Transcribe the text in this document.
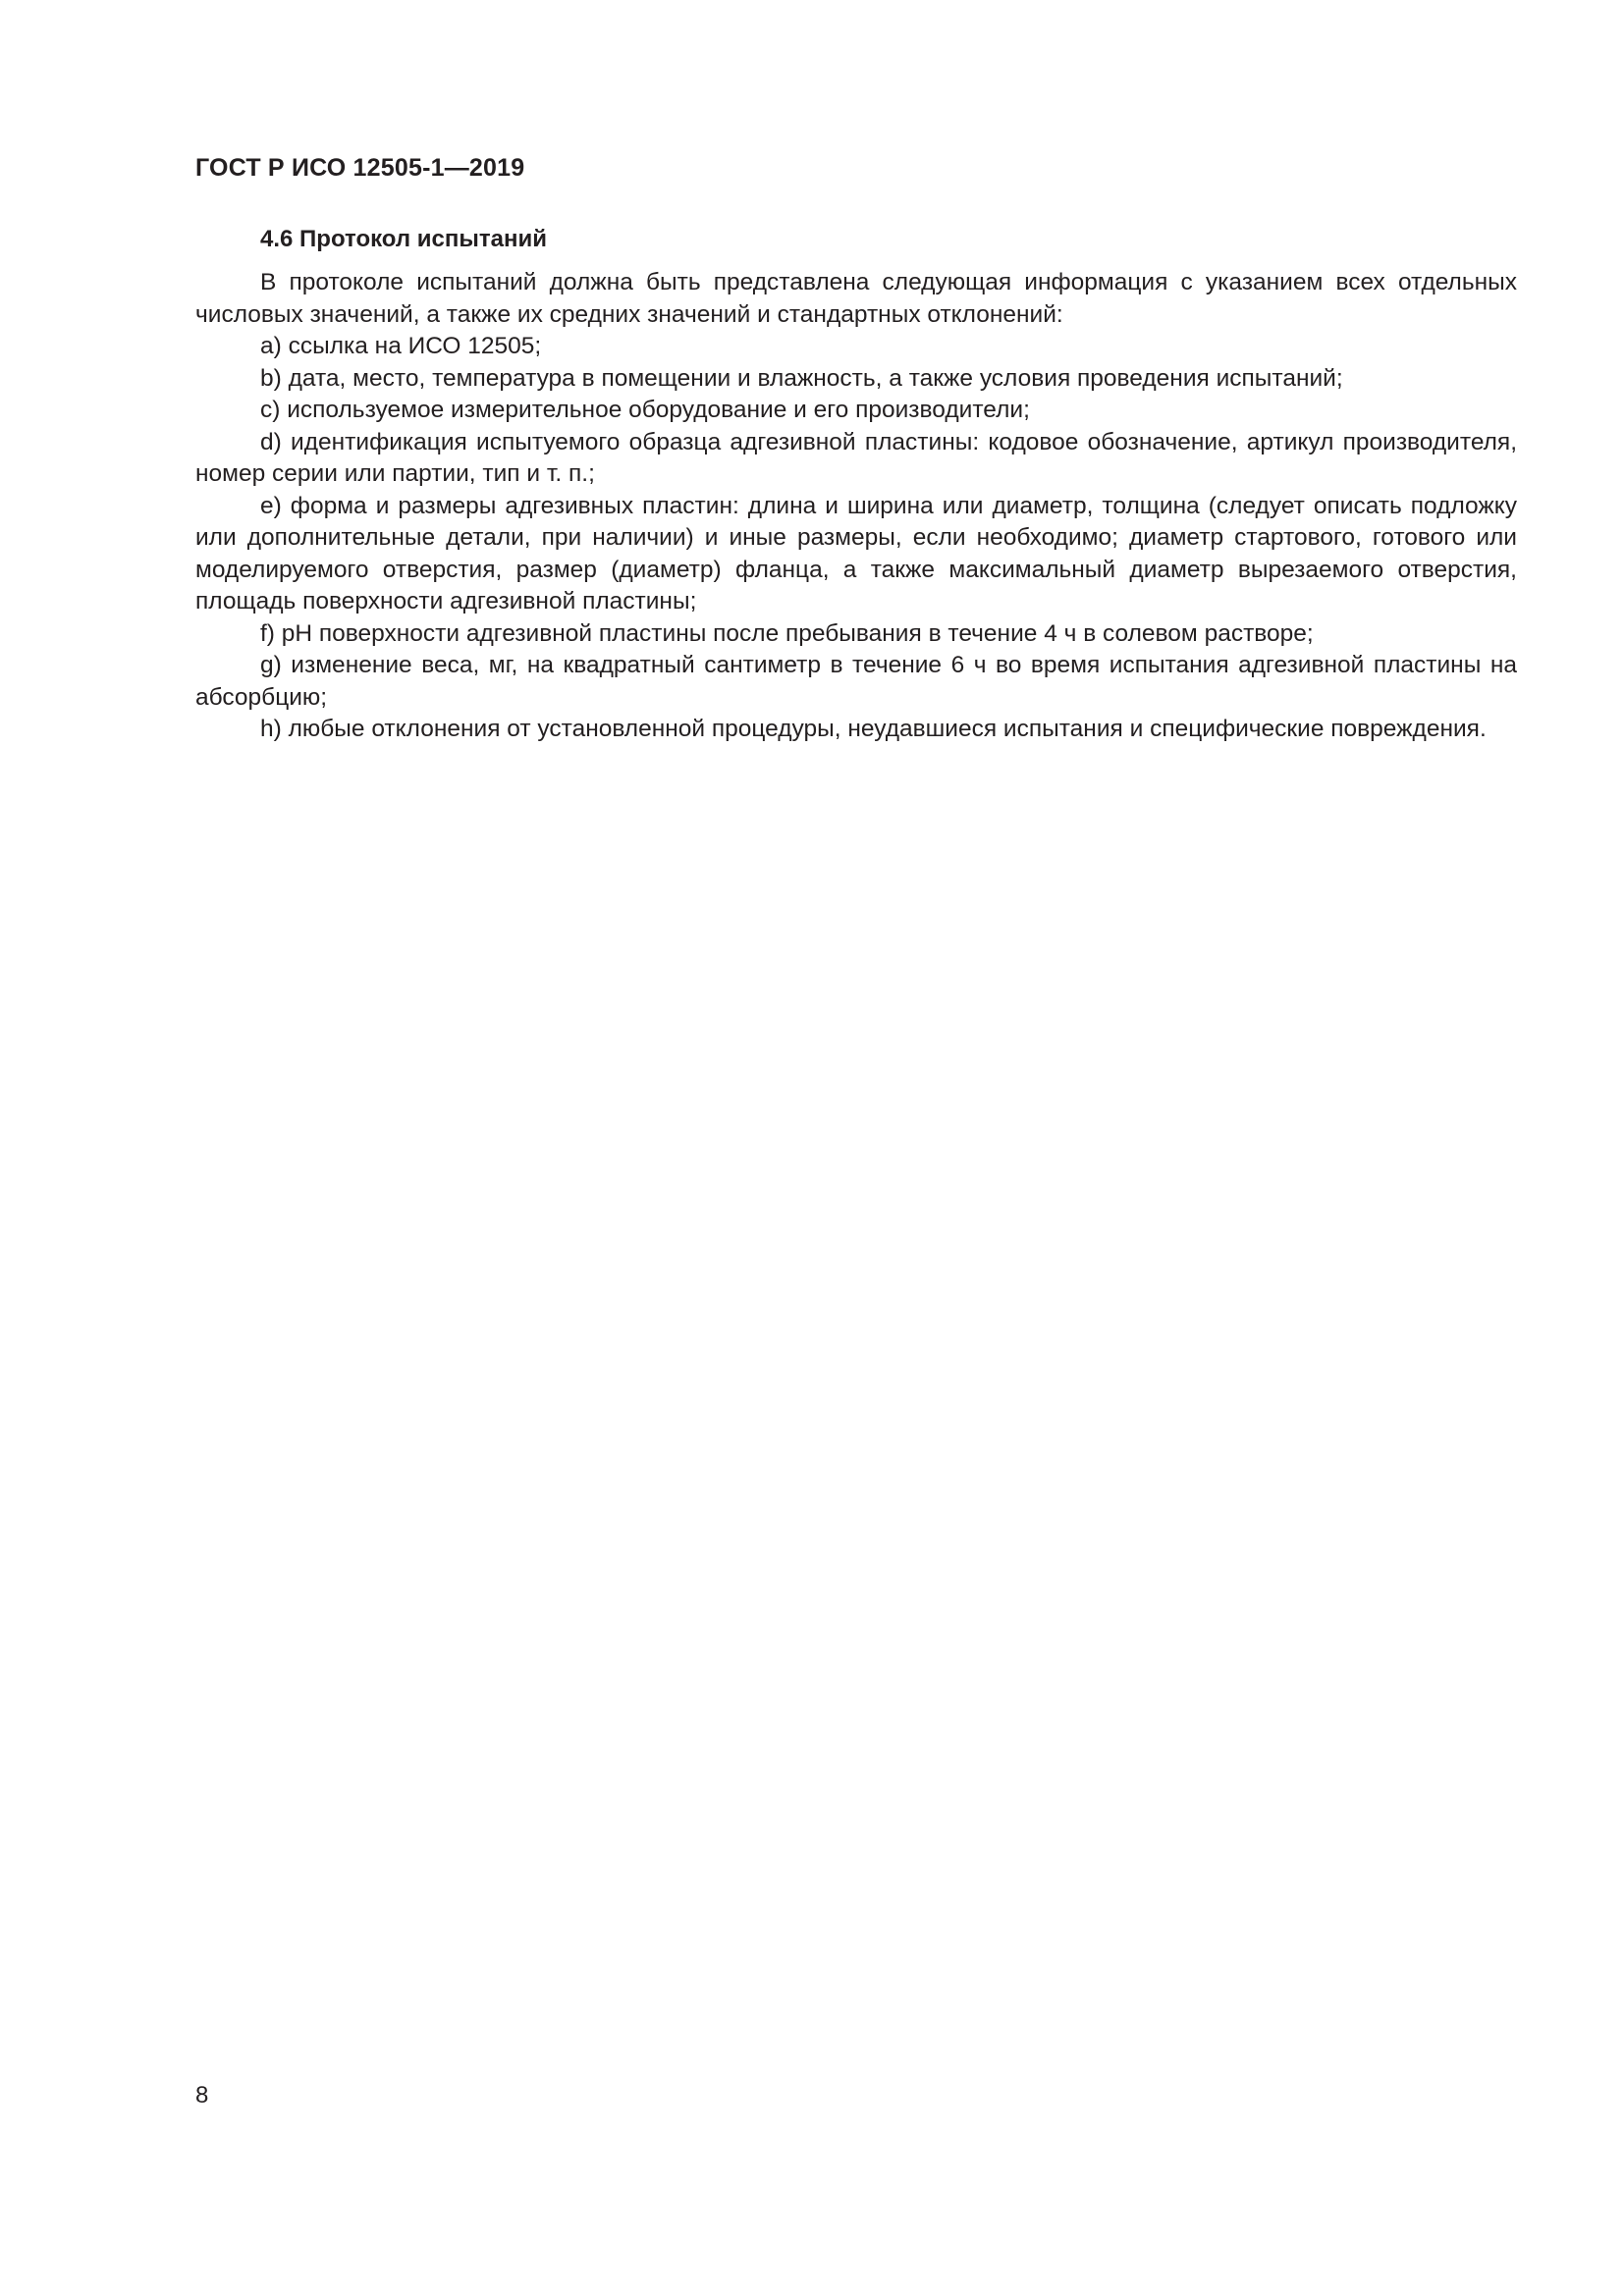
ГОСТ Р ИСО 12505-1—2019
4.6 Протокол испытаний

В протоколе испытаний должна быть представлена следующая информация с указанием всех отдельных числовых значений, а также их средних значений и стандартных отклонений:

a) ссылка на ИСО 12505;

b) дата, место, температура в помещении и влажность, а также условия проведения испытаний;

c) используемое измерительное оборудование и его производители;

d) идентификация испытуемого образца адгезивной пластины: кодовое обозначение, артикул производителя, номер серии или партии, тип и т. п.;

e) форма и размеры адгезивных пластин: длина и ширина или диаметр, толщина (следует описать подложку или дополнительные детали, при наличии) и иные размеры, если необходимо; диаметр стартового, готового или моделируемого отверстия, размер (диаметр) фланца, а также максимальный диаметр вырезаемого отверстия, площадь поверхности адгезивной пластины;

f) pH поверхности адгезивной пластины после пребывания в течение 4 ч в солевом растворе;

g) изменение веса, мг, на квадратный сантиметр в течение 6 ч во время испытания адгезивной пластины на абсорбцию;

h) любые отклонения от установленной процедуры, неудавшиеся испытания и специфические повреждения.

8
